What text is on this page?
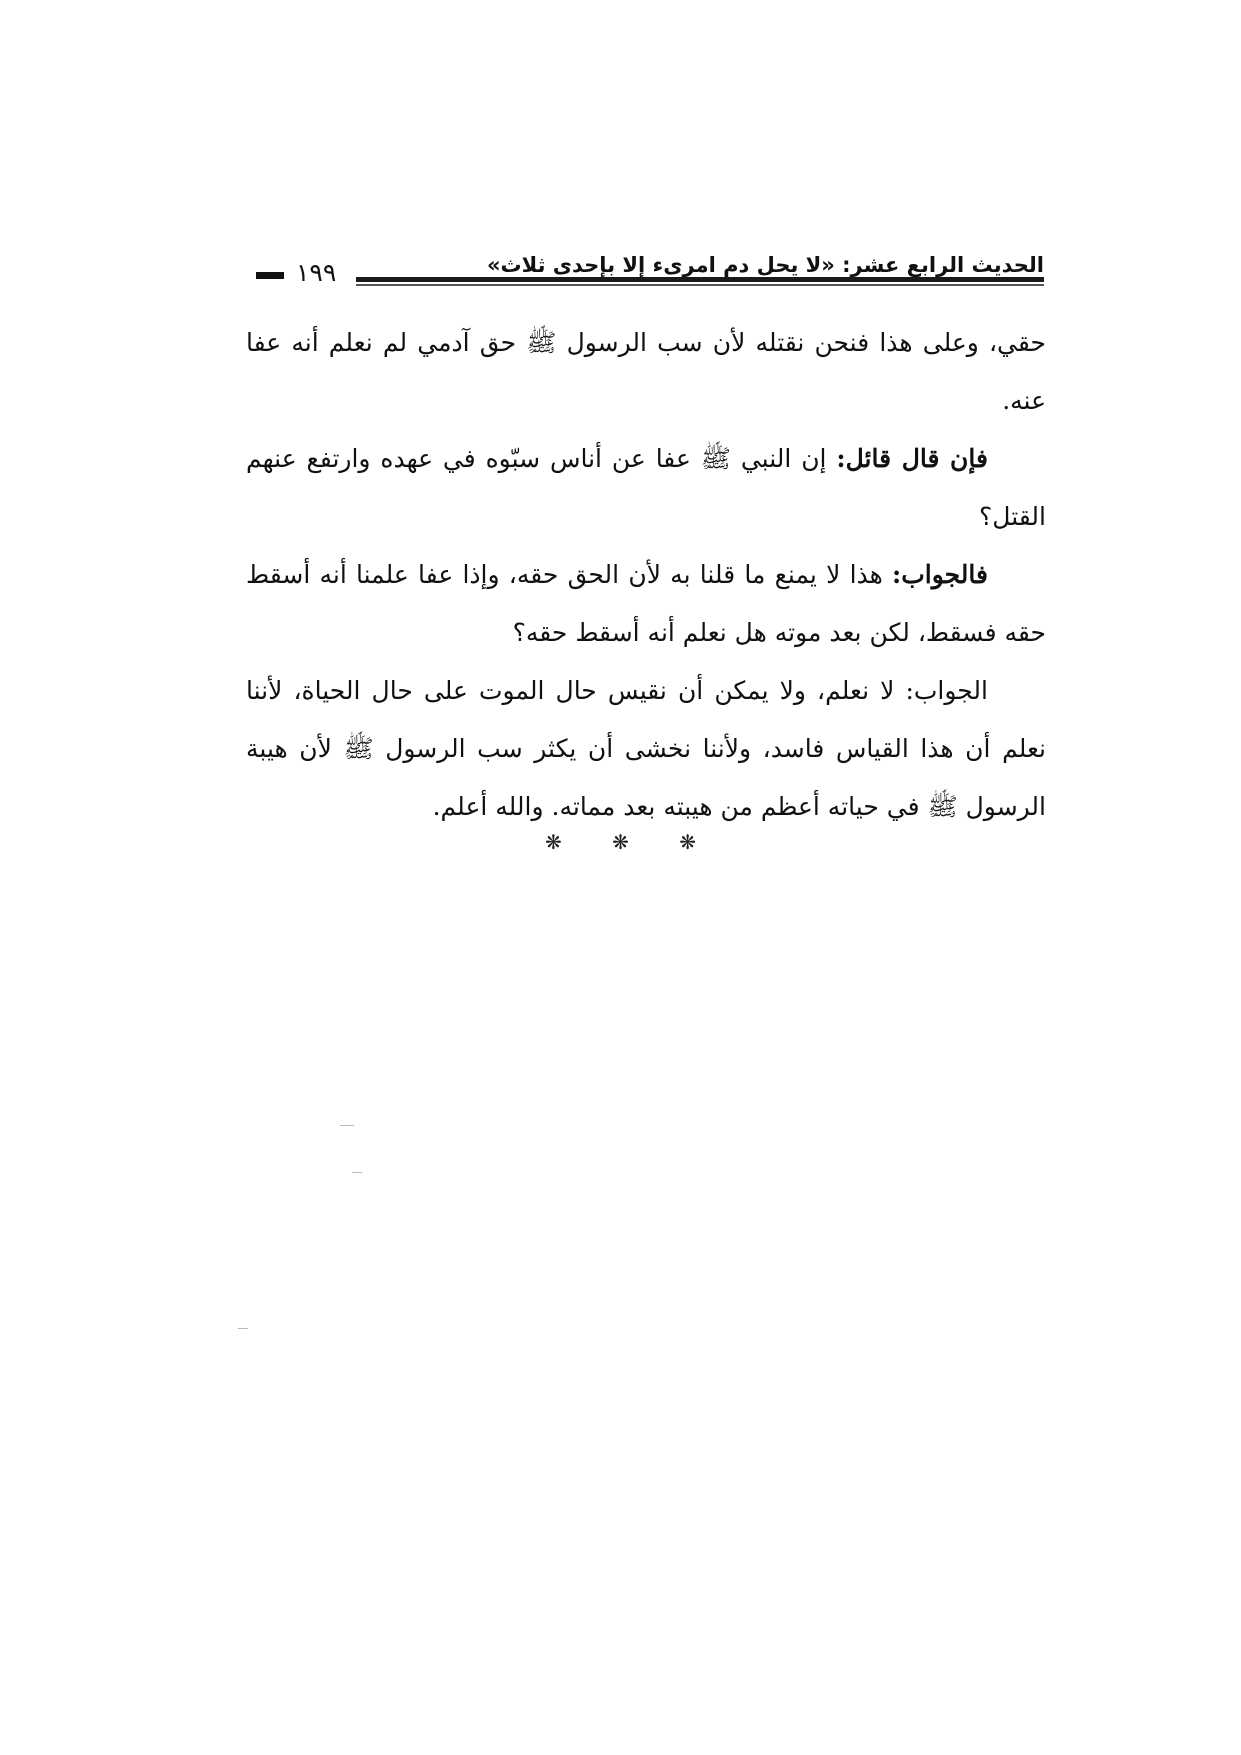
الحديث الرابع عشر: «لا يحل دم امرىء إلا بإحدى ثلاث»
١٩٩

حقي، وعلى هذا فنحن نقتله لأن سب الرسول ﷺ حق آدمي لم نعلم أنه عفا عنه.

فإن قال قائل: إن النبي ﷺ عفا عن أناس سبّوه في عهده وارتفع عنهم القتل؟

فالجواب: هذا لا يمنع ما قلنا به لأن الحق حقه، وإذا عفا علمنا أنه أسقط حقه فسقط، لكن بعد موته هل نعلم أنه أسقط حقه؟

الجواب: لا نعلم، ولا يمكن أن نقيس حال الموت على حال الحياة، لأننا نعلم أن هذا القياس فاسد، ولأننا نخشى أن يكثر سب الرسول ﷺ لأن هيبة الرسول ﷺ في حياته أعظم من هيبته بعد مماته. والله أعلم.

❋	❋	❋
